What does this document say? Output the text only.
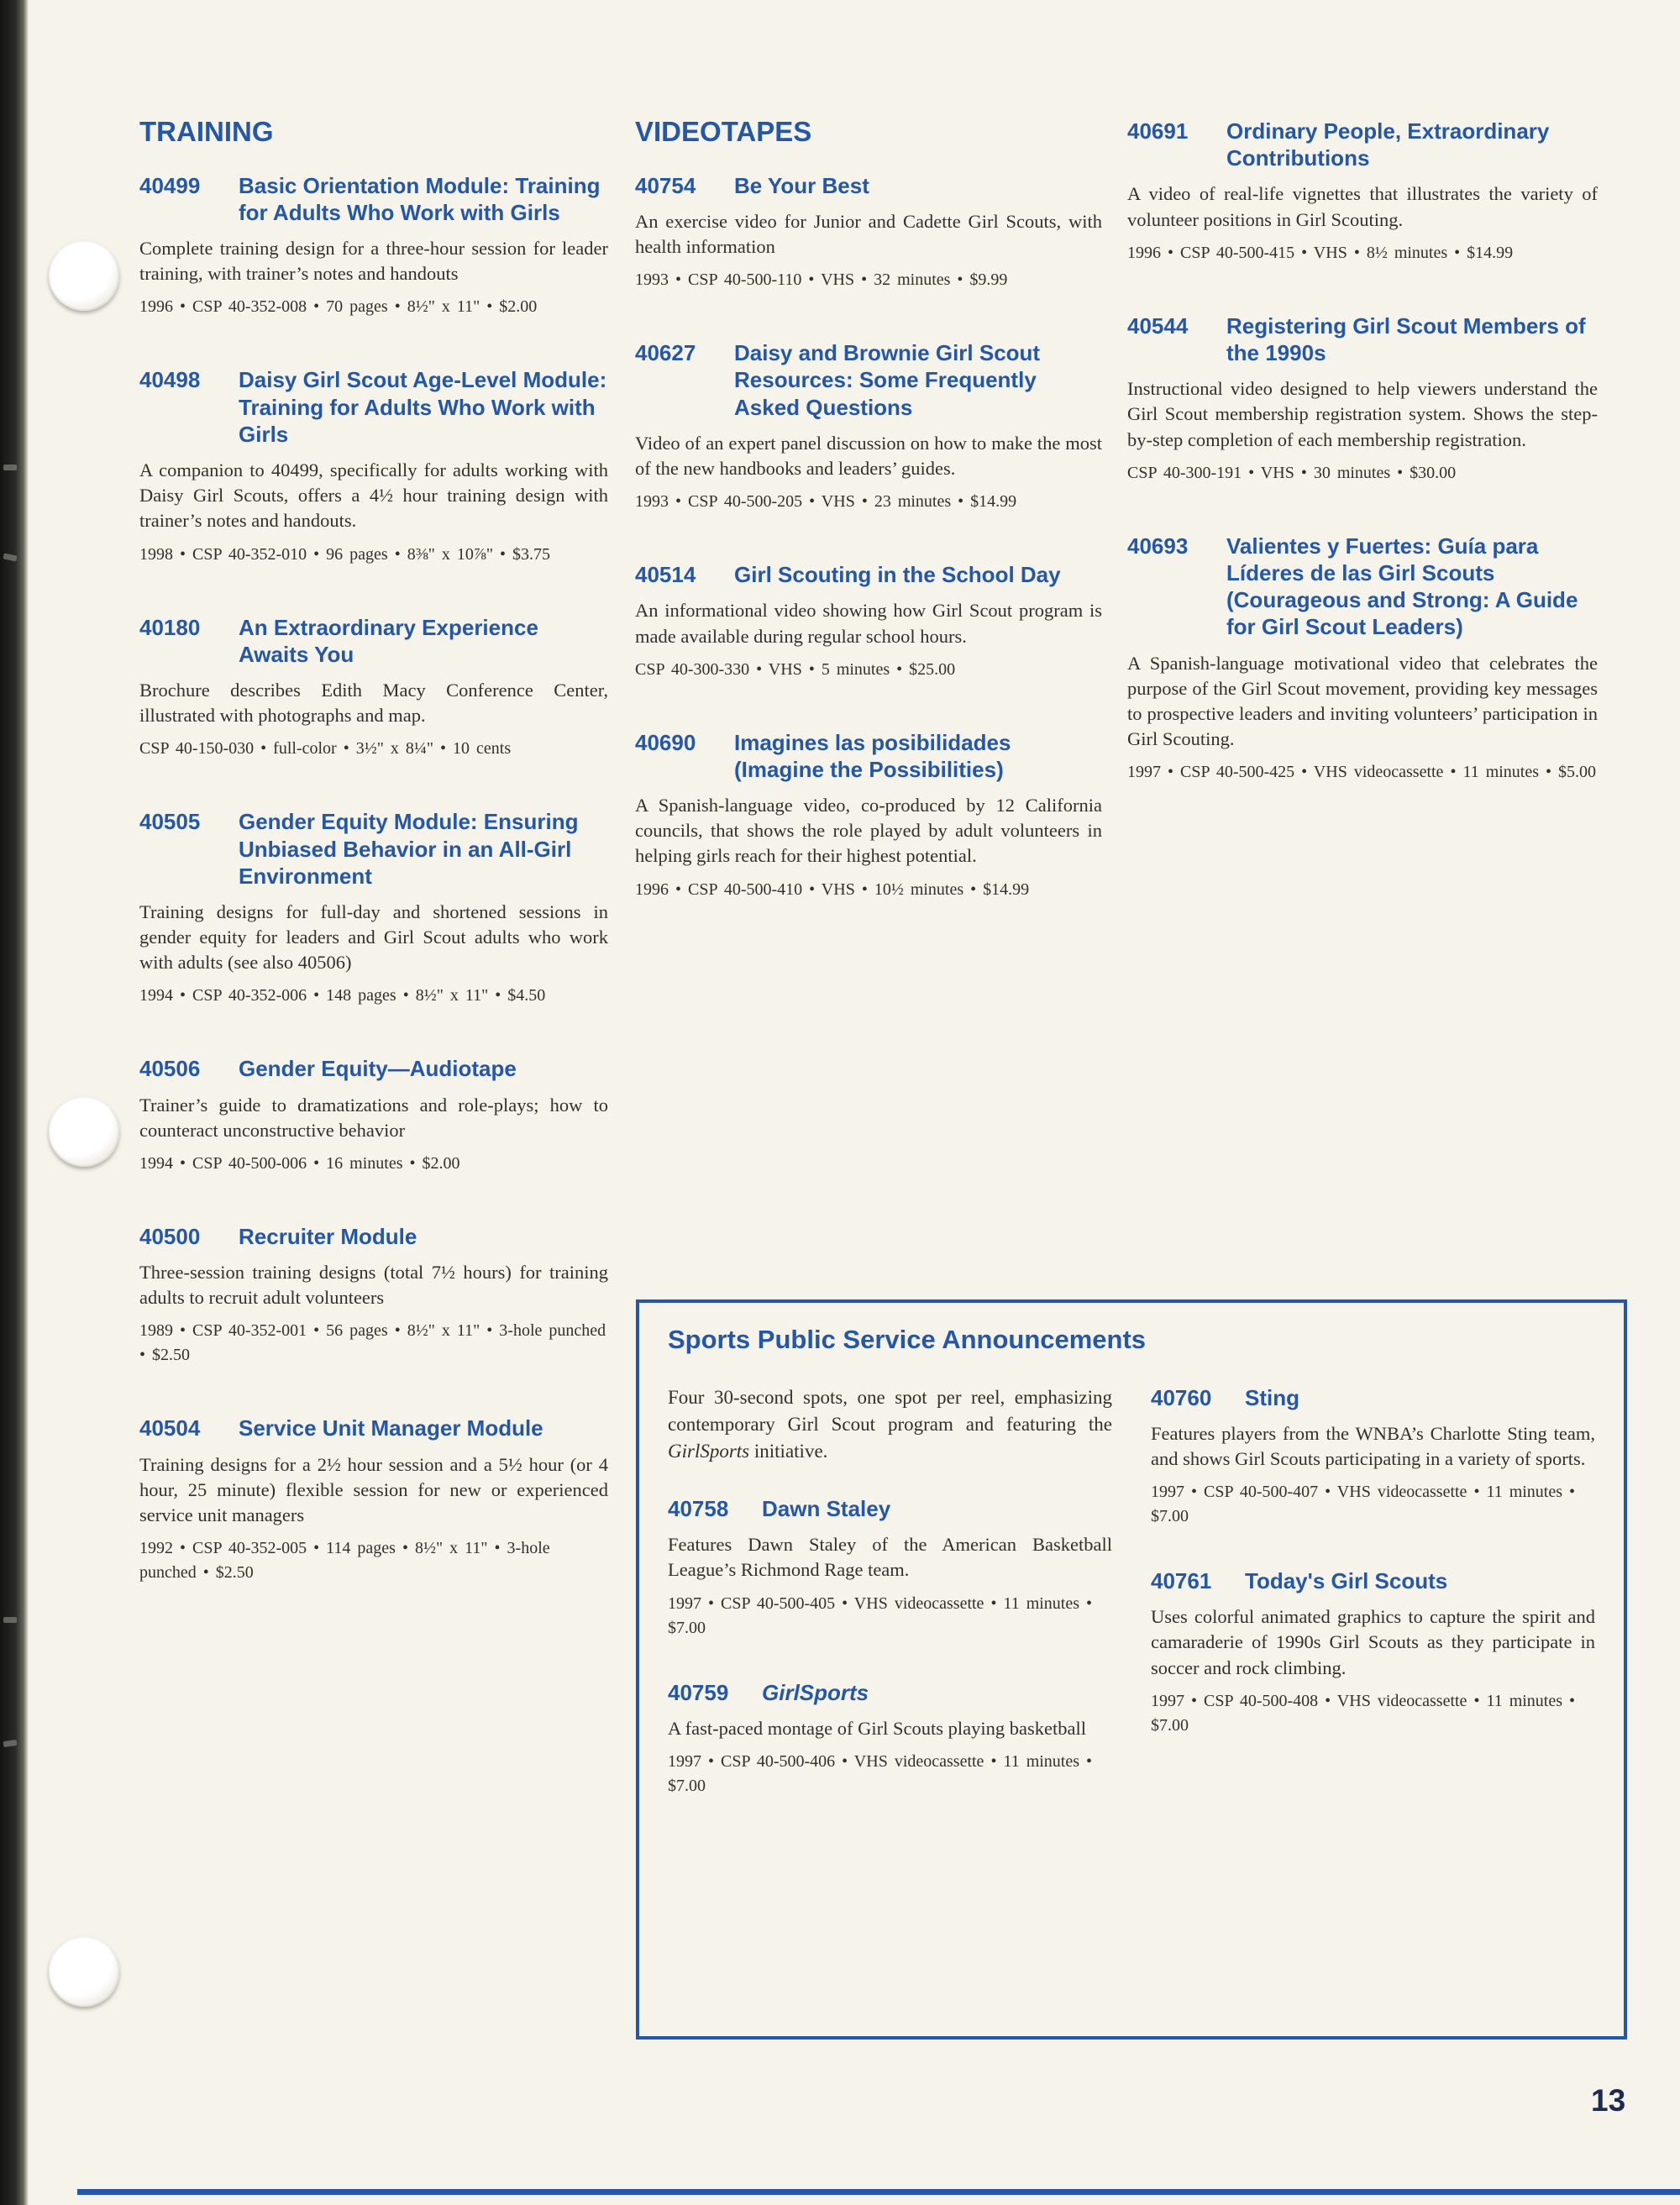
TRAINING
40499	Basic Orientation Module: Training for Adults Who Work with Girls

Complete training design for a three-hour session for leader training, with trainer’s notes and handouts

1996 • CSP 40-352-008 • 70 pages • 8½" x 11" • $2.00

40498	Daisy Girl Scout Age-Level Module: Training for Adults Who Work with Girls

A companion to 40499, specifically for adults working with Daisy Girl Scouts, offers a 4½ hour training design with trainer’s notes and handouts.

1998 • CSP 40-352-010 • 96 pages • 8⅜" x 10⅞" • $3.75

40180	An Extraordinary Experience Awaits You

Brochure describes Edith Macy Conference Center, illustrated with photographs and map.

CSP 40-150-030 • full-color • 3½" x 8¼" • 10 cents

40505	Gender Equity Module: Ensuring Unbiased Behavior in an All-Girl Environment

Training designs for full-day and shortened sessions in gender equity for leaders and Girl Scout adults who work with adults (see also 40506)

1994 • CSP 40-352-006 • 148 pages • 8½" x 11" • $4.50

40506	Gender Equity—Audiotape

Trainer’s guide to dramatizations and role-plays; how to counteract unconstructive behavior

1994 • CSP 40-500-006 • 16 minutes • $2.00

40500	Recruiter Module

Three-session training designs (total 7½ hours) for training adults to recruit adult volunteers

1989 • CSP 40-352-001 • 56 pages • 8½" x 11" • 3-hole punched • $2.50

40504	Service Unit Manager Module

Training designs for a 2½ hour session and a 5½ hour (or 4 hour, 25 minute) flexible session for new or experienced service unit managers

1992 • CSP 40-352-005 • 114 pages • 8½" x 11" • 3-hole punched • $2.50

VIDEOTAPES
40754	Be Your Best

An exercise video for Junior and Cadette Girl Scouts, with health information

1993 • CSP 40-500-110 • VHS • 32 minutes • $9.99

40627	Daisy and Brownie Girl Scout Resources: Some Frequently Asked Questions

Video of an expert panel discussion on how to make the most of the new handbooks and leaders’ guides.

1993 • CSP 40-500-205 • VHS • 23 minutes • $14.99

40514	Girl Scouting in the School Day

An informational video showing how Girl Scout program is made available during regular school hours.

CSP 40-300-330 • VHS • 5 minutes • $25.00

40690	Imagines las posibilidades (Imagine the Possibilities)

A Spanish-language video, co-produced by 12 California councils, that shows the role played by adult volunteers in helping girls reach for their highest potential.

1996 • CSP 40-500-410 • VHS • 10½ minutes • $14.99

40691	Ordinary People, Extraordinary Contributions

A video of real-life vignettes that illustrates the variety of volunteer positions in Girl Scouting.

1996 • CSP 40-500-415 • VHS • 8½ minutes • $14.99

40544	Registering Girl Scout Members of the 1990s

Instructional video designed to help viewers understand the Girl Scout membership registration system. Shows the step-by-step completion of each membership registration.

CSP 40-300-191 • VHS • 30 minutes • $30.00

40693	Valientes y Fuertes: Guía para Líderes de las Girl Scouts (Courageous and Strong: A Guide for Girl Scout Leaders)

A Spanish-language motivational video that celebrates the purpose of the Girl Scout movement, providing key messages to prospective leaders and inviting volunteers’ participation in Girl Scouting.

1997 • CSP 40-500-425 • VHS videocassette • 11 minutes • $5.00

Sports Public Service Announcements

Four 30-second spots, one spot per reel, emphasizing contemporary Girl Scout program and featuring the GirlSports initiative.

40758	Dawn Staley

Features Dawn Staley of the American Basketball League’s Richmond Rage team.

1997 • CSP 40-500-405 • VHS videocassette • 11 minutes • $7.00

40759	GirlSports

A fast-paced montage of Girl Scouts playing basketball

1997 • CSP 40-500-406 • VHS videocassette • 11 minutes • $7.00

40760	Sting

Features players from the WNBA’s Charlotte Sting team, and shows Girl Scouts participating in a variety of sports.

1997 • CSP 40-500-407 • VHS videocassette • 11 minutes • $7.00

40761	Today's Girl Scouts

Uses colorful animated graphics to capture the spirit and camaraderie of 1990s Girl Scouts as they participate in soccer and rock climbing.

1997 • CSP 40-500-408 • VHS videocassette • 11 minutes • $7.00

13
